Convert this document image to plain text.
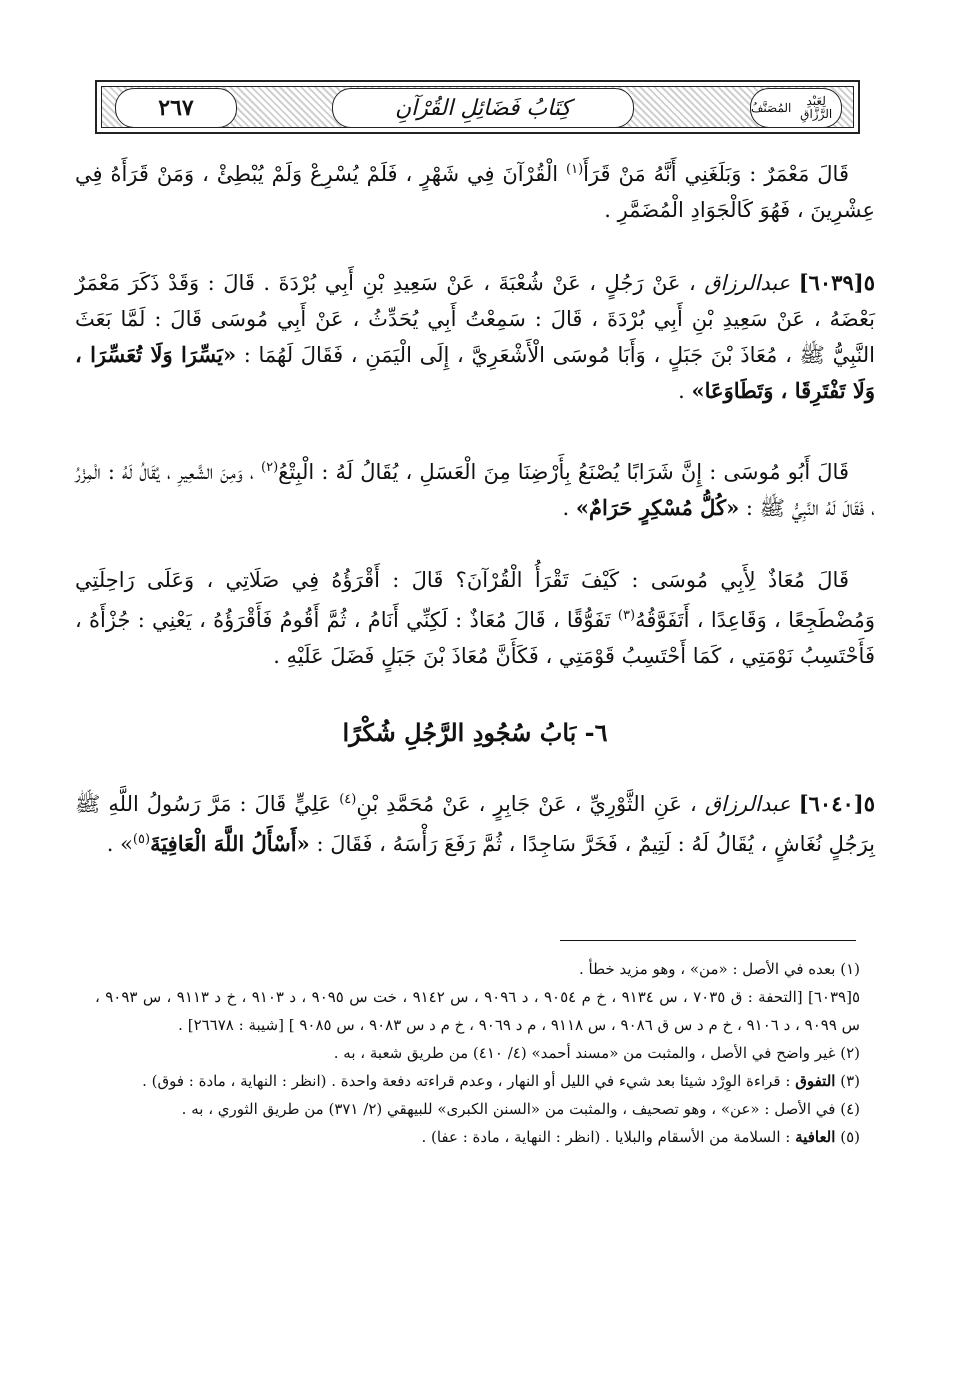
٢٦٧	كِتَابُ فَضَائِلِ القُرْآنِ	المُصَنَّفُ	لِعَبْدِ الرَّزَّاقِ
قَالَ مَعْمَرٌ : وَبَلَغَنِي أَنَّهُ مَنْ قَرَأَ$^{(١)}$ الْقُرْآنَ فِي شَهْرٍ ، فَلَمْ يُسْرِعْ وَلَمْ يُبْطِئْ ، وَمَنْ قَرَأَهُ فِي عِشْرِينَ ، فَهُوَ كَالْجَوَادِ الْمُضَمَّرِ .
٥[٦٠٣٩] عبدالرزاق ، عَنْ رَجُلٍ ، عَنْ شُعْبَةَ ، عَنْ سَعِيدِ بْنِ أَبِي بُرْدَةَ . قَالَ : وَقَدْ ذَكَرَ مَعْمَرٌ بَعْضَهُ ، عَنْ سَعِيدِ بْنِ أَبِي بُرْدَةَ ، قَالَ : سَمِعْتُ أَبِي يُحَدِّثُ ، عَنْ أَبِي مُوسَى قَالَ : لَمَّا بَعَثَ النَّبِيُّ ﷺ ، مُعَاذَ بْنَ جَبَلٍ ، وَأَبَا مُوسَى الْأَشْعَرِيَّ ، إِلَى الْيَمَنِ ، فَقَالَ لَهُمَا : «يَسِّرَا وَلَا تُعَسِّرَا ، وَلَا تَفْتَرِقَا ، وَتَطَاوَعَا» .
قَالَ أَبُو مُوسَى : إِنَّ شَرَابًا يُصْنَعُ بِأَرْضِنَا مِنَ الْعَسَلِ ، يُقَالُ لَهُ : الْبِتْعُ$^{(٢)}$ ، وَمِنَ الشَّعِيرِ ، يُقَالُ لَهُ : الْمِزْرُ ، فَقَالَ لَهُ النَّبِيُّ ﷺ : «كُلُّ مُسْكِرٍ حَرَامٌ» .
قَالَ مُعَاذٌ لِأَبِي مُوسَى : كَيْفَ تَقْرَأُ الْقُرْآنَ؟ قَالَ : أَقْرَؤُهُ فِي صَلَاتِي ، وَعَلَى رَاحِلَتِي وَمُضْطَجِعًا ، وَقَاعِدًا ، أَتَفَوَّقُهُ$^{(٣)}$ تَفَوُّقًا ، قَالَ مُعَاذٌ : لَكِنِّي أَنَامُ ، ثُمَّ أَقُومُ فَأَقْرَؤُهُ ، يَعْنِي : جُزْأَهُ ، فَأَحْتَسِبُ نَوْمَتِي ، كَمَا أَحْتَسِبُ قَوْمَتِي ، فَكَأَنَّ مُعَاذَ بْنَ جَبَلٍ فَضَلَ عَلَيْهِ .
٦- بَابُ سُجُودِ الرَّجُلِ شُكْرًا
٥[٦٠٤٠] عبدالرزاق ، عَنِ الثَّوْرِيِّ ، عَنْ جَابِرٍ ، عَنْ مُحَمَّدِ بْنِ$^{(٤)}$ عَلِيٍّ قَالَ : مَرَّ رَسُولُ اللَّهِ ﷺ بِرَجُلٍ نُغَاشٍ ، يُقَالُ لَهُ : لَتِيمٌ ، فَخَرَّ سَاجِدًا ، ثُمَّ رَفَعَ رَأْسَهُ ، فَقَالَ : «أَسْأَلُ اللَّهَ الْعَافِيَةَ$^{(٥)}$» .

(١) بعده في الأصل : «من» ، وهو مزيد خطأ .

٥[٦٠٣٩] [التحفة : ق ٧٠٣٥ ، س ٩١٣٤ ، خ م ٩٠٥٤ ، د ٩٠٩٦ ، س ٩١٤٢ ، خت س ٩٠٩٥ ، د ٩١٠٣ ، خ د ٩١١٣ ، س ٩٠٩٣ ، س ٩٠٩٩ ، د ٩١٠٦ ، خ م د س ق ٩٠٨٦ ، س ٩١١٨ ، م د ٩٠٦٩ ، خ م د س ٩٠٨٣ ، س ٩٠٨٥ ] [شيبة : ٢٦٦٧٨] .

(٢) غير واضح في الأصل ، والمثبت من «مسند أحمد» (٤/ ٤١٠) من طريق شعبة ، به .

(٣) التفوق : قراءة الوِرْد شيئا بعد شيء في الليل أو النهار ، وعدم قراءته دفعة واحدة . (انظر : النهاية ، مادة : فوق) .

(٤) في الأصل : «عن» ، وهو تصحيف ، والمثبت من «السنن الكبرى» للبيهقي (٢/ ٣٧١) من طريق الثوري ، به .

(٥) العافية : السلامة من الأسقام والبلايا . (انظر : النهاية ، مادة : عفا) .
